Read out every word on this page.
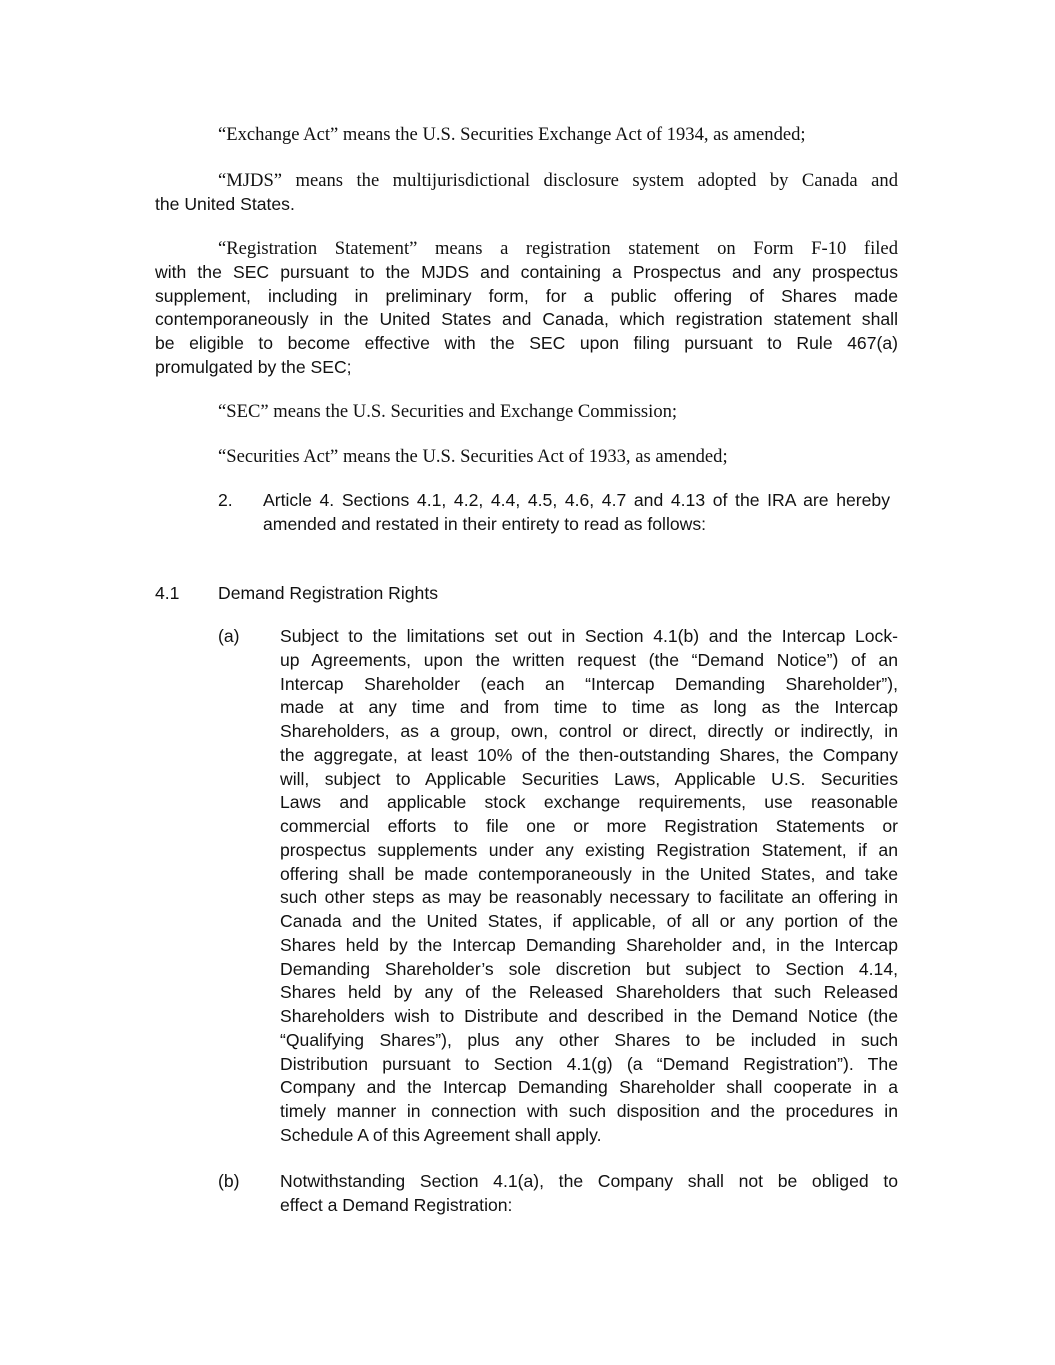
“Exchange Act” means the U.S. Securities Exchange Act of 1934, as amended;
“MJDS” means the multijurisdictional disclosure system adopted by Canada and
the United States.
“Registration Statement” means a registration statement on Form F-10 filed
with the SEC pursuant to the MJDS and containing a Prospectus and any prospectus
supplement, including in preliminary form, for a public offering of Shares made
contemporaneously in the United States and Canada, which registration statement shall
be eligible to become effective with the SEC upon filing pursuant to Rule 467(a)
promulgated by the SEC;
“SEC” means the U.S. Securities and Exchange Commission;
“Securities Act” means the U.S. Securities Act of 1933, as amended;
2. Article 4. Sections 4.1, 4.2, 4.4, 4.5, 4.6, 4.7 and 4.13 of the IRA are hereby
amended and restated in their entirety to read as follows:
4.1 Demand Registration Rights
(a) Subject to the limitations set out in Section 4.1(b) and the Intercap Lock-
up Agreements, upon the written request (the “Demand Notice”) of an
Intercap Shareholder (each an “Intercap Demanding Shareholder”),
made at any time and from time to time as long as the Intercap
Shareholders, as a group, own, control or direct, directly or indirectly, in
the aggregate, at least 10% of the then-outstanding Shares, the Company
will, subject to Applicable Securities Laws, Applicable U.S. Securities
Laws and applicable stock exchange requirements, use reasonable
commercial efforts to file one or more Registration Statements or
prospectus supplements under any existing Registration Statement, if an
offering shall be made contemporaneously in the United States, and take
such other steps as may be reasonably necessary to facilitate an offering in
Canada and the United States, if applicable, of all or any portion of the
Shares held by the Intercap Demanding Shareholder and, in the Intercap
Demanding Shareholder’s sole discretion but subject to Section 4.14,
Shares held by any of the Released Shareholders that such Released
Shareholders wish to Distribute and described in the Demand Notice (the
“Qualifying Shares”), plus any other Shares to be included in such
Distribution pursuant to Section 4.1(g) (a “Demand Registration”). The
Company and the Intercap Demanding Shareholder shall cooperate in a
timely manner in connection with such disposition and the procedures in
Schedule A of this Agreement shall apply.
(b) Notwithstanding Section 4.1(a), the Company shall not be obliged to
effect a Demand Registration:
